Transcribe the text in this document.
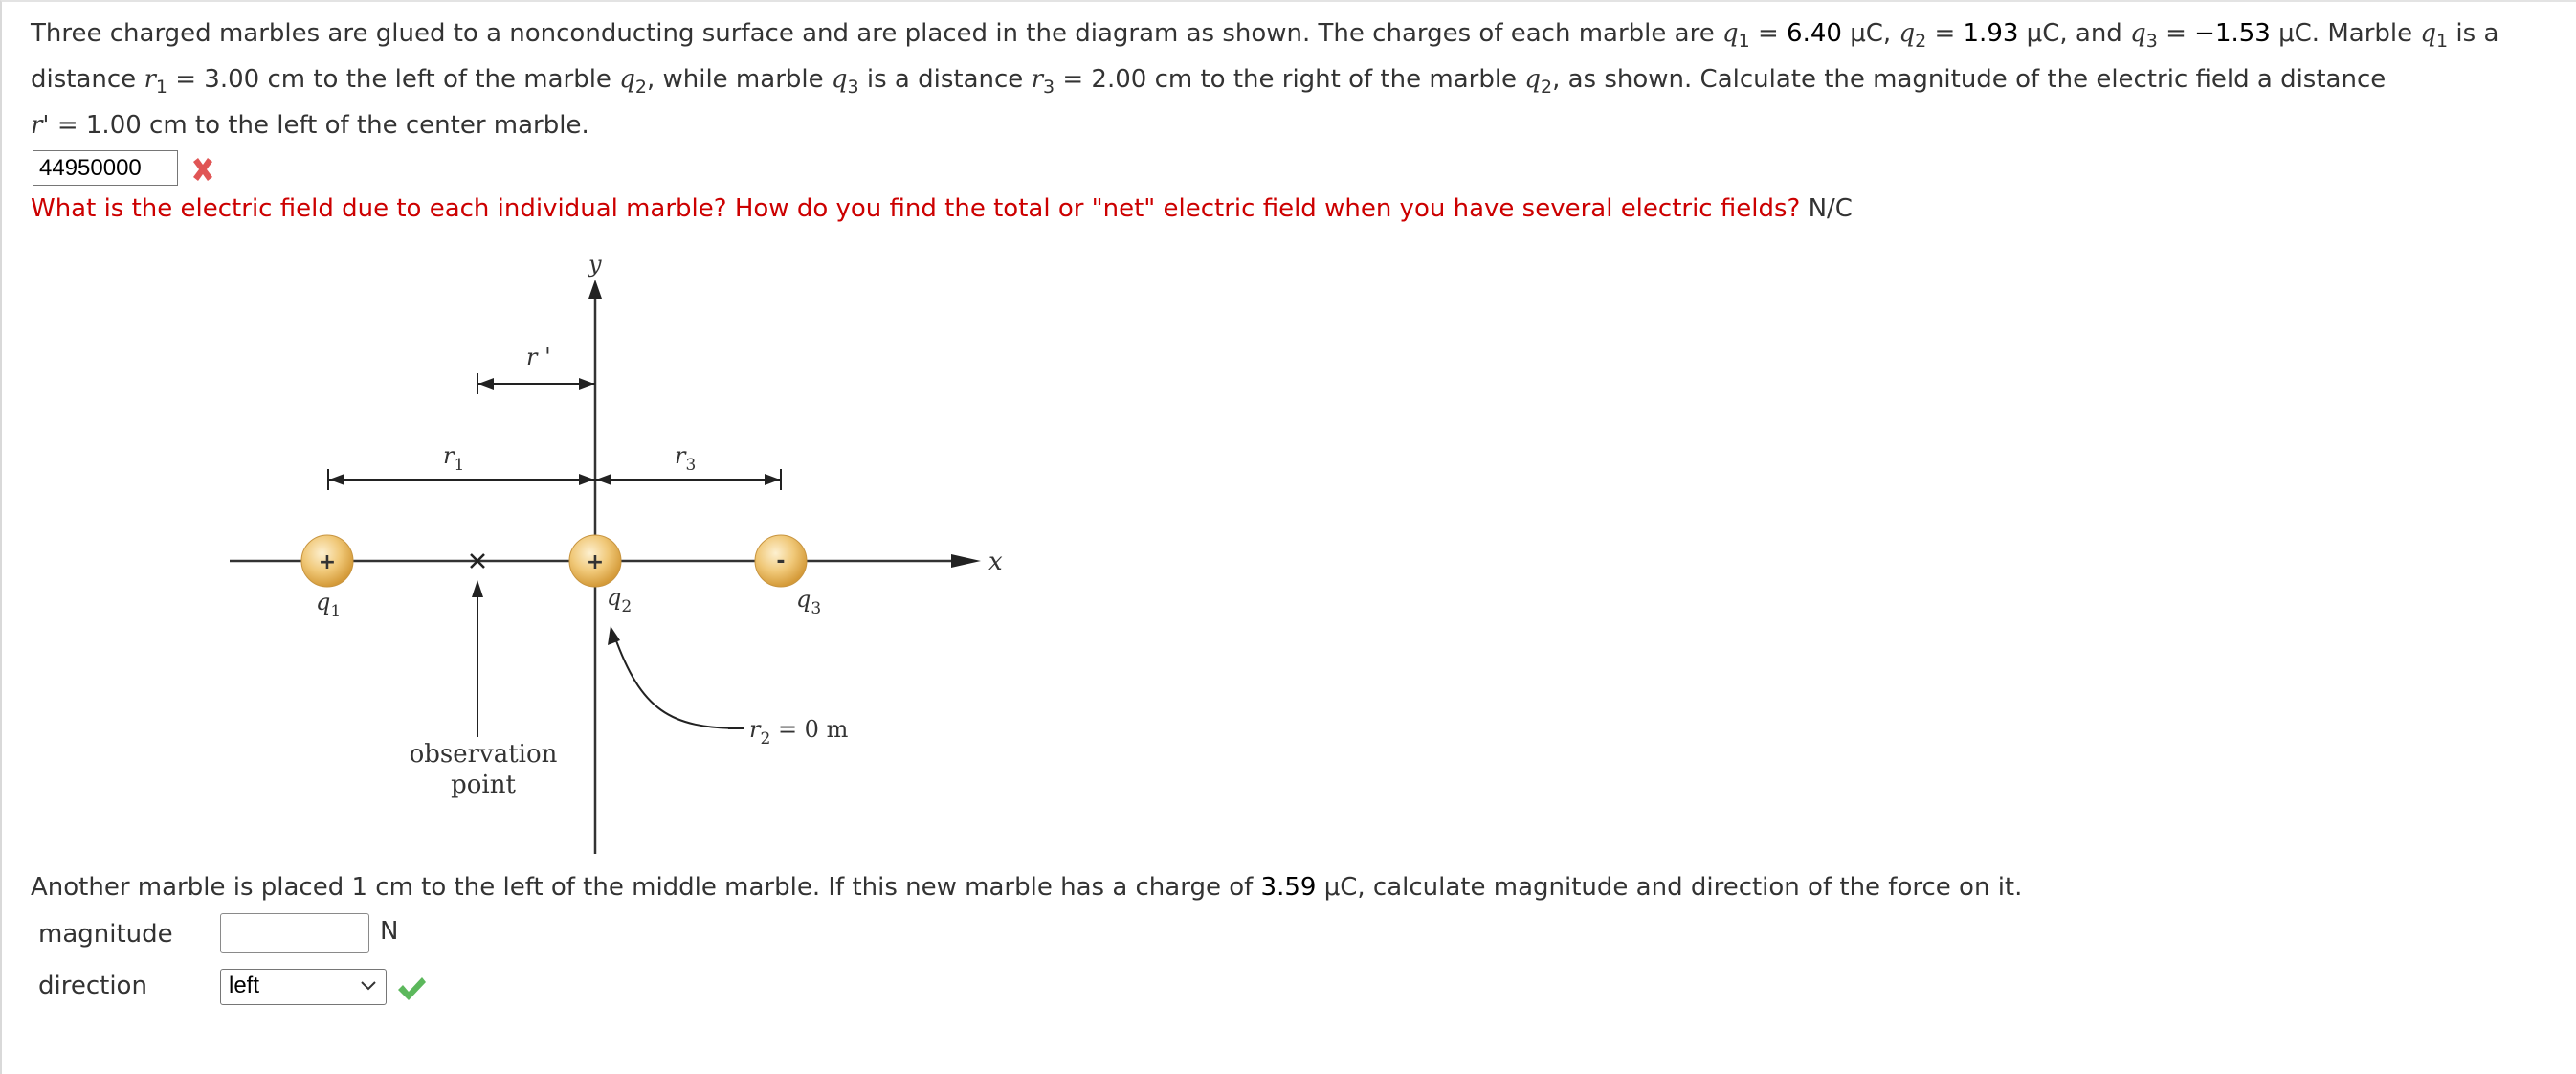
Three charged marbles are glued to a nonconducting surface and are placed in the diagram as shown. The charges of each marble are $q_1 = 6.40$ μC, $q_2 = 1.93$ μC, and $q_3 = -1.53$ μC. Marble $q_1$ is a
distance $r_1 = 3.00$ cm to the left of the marble $q_2$, while marble $q_3$ is a distance $r_3 = 2.00$ cm to the right of the marble $q_2$, as shown. Calculate the magnitude of the electric field a distance
r' = 1.00 cm to the left of the center marble.
44950000
What is the electric field due to each individual marble? How do you find the total or "net" electric field when you have several electric fields? N/C
x
y
r '
$r_1$	$r_3$
+	+	-
observation
point
$q_1$
$q_2$	$q_3$
$r_2 = 0$ m
Another marble is placed 1 cm to the left of the middle marble. If this new marble has a charge of 3.59 μC, calculate magnitude and direction of the force on it.
magnitude	N
direction	left
